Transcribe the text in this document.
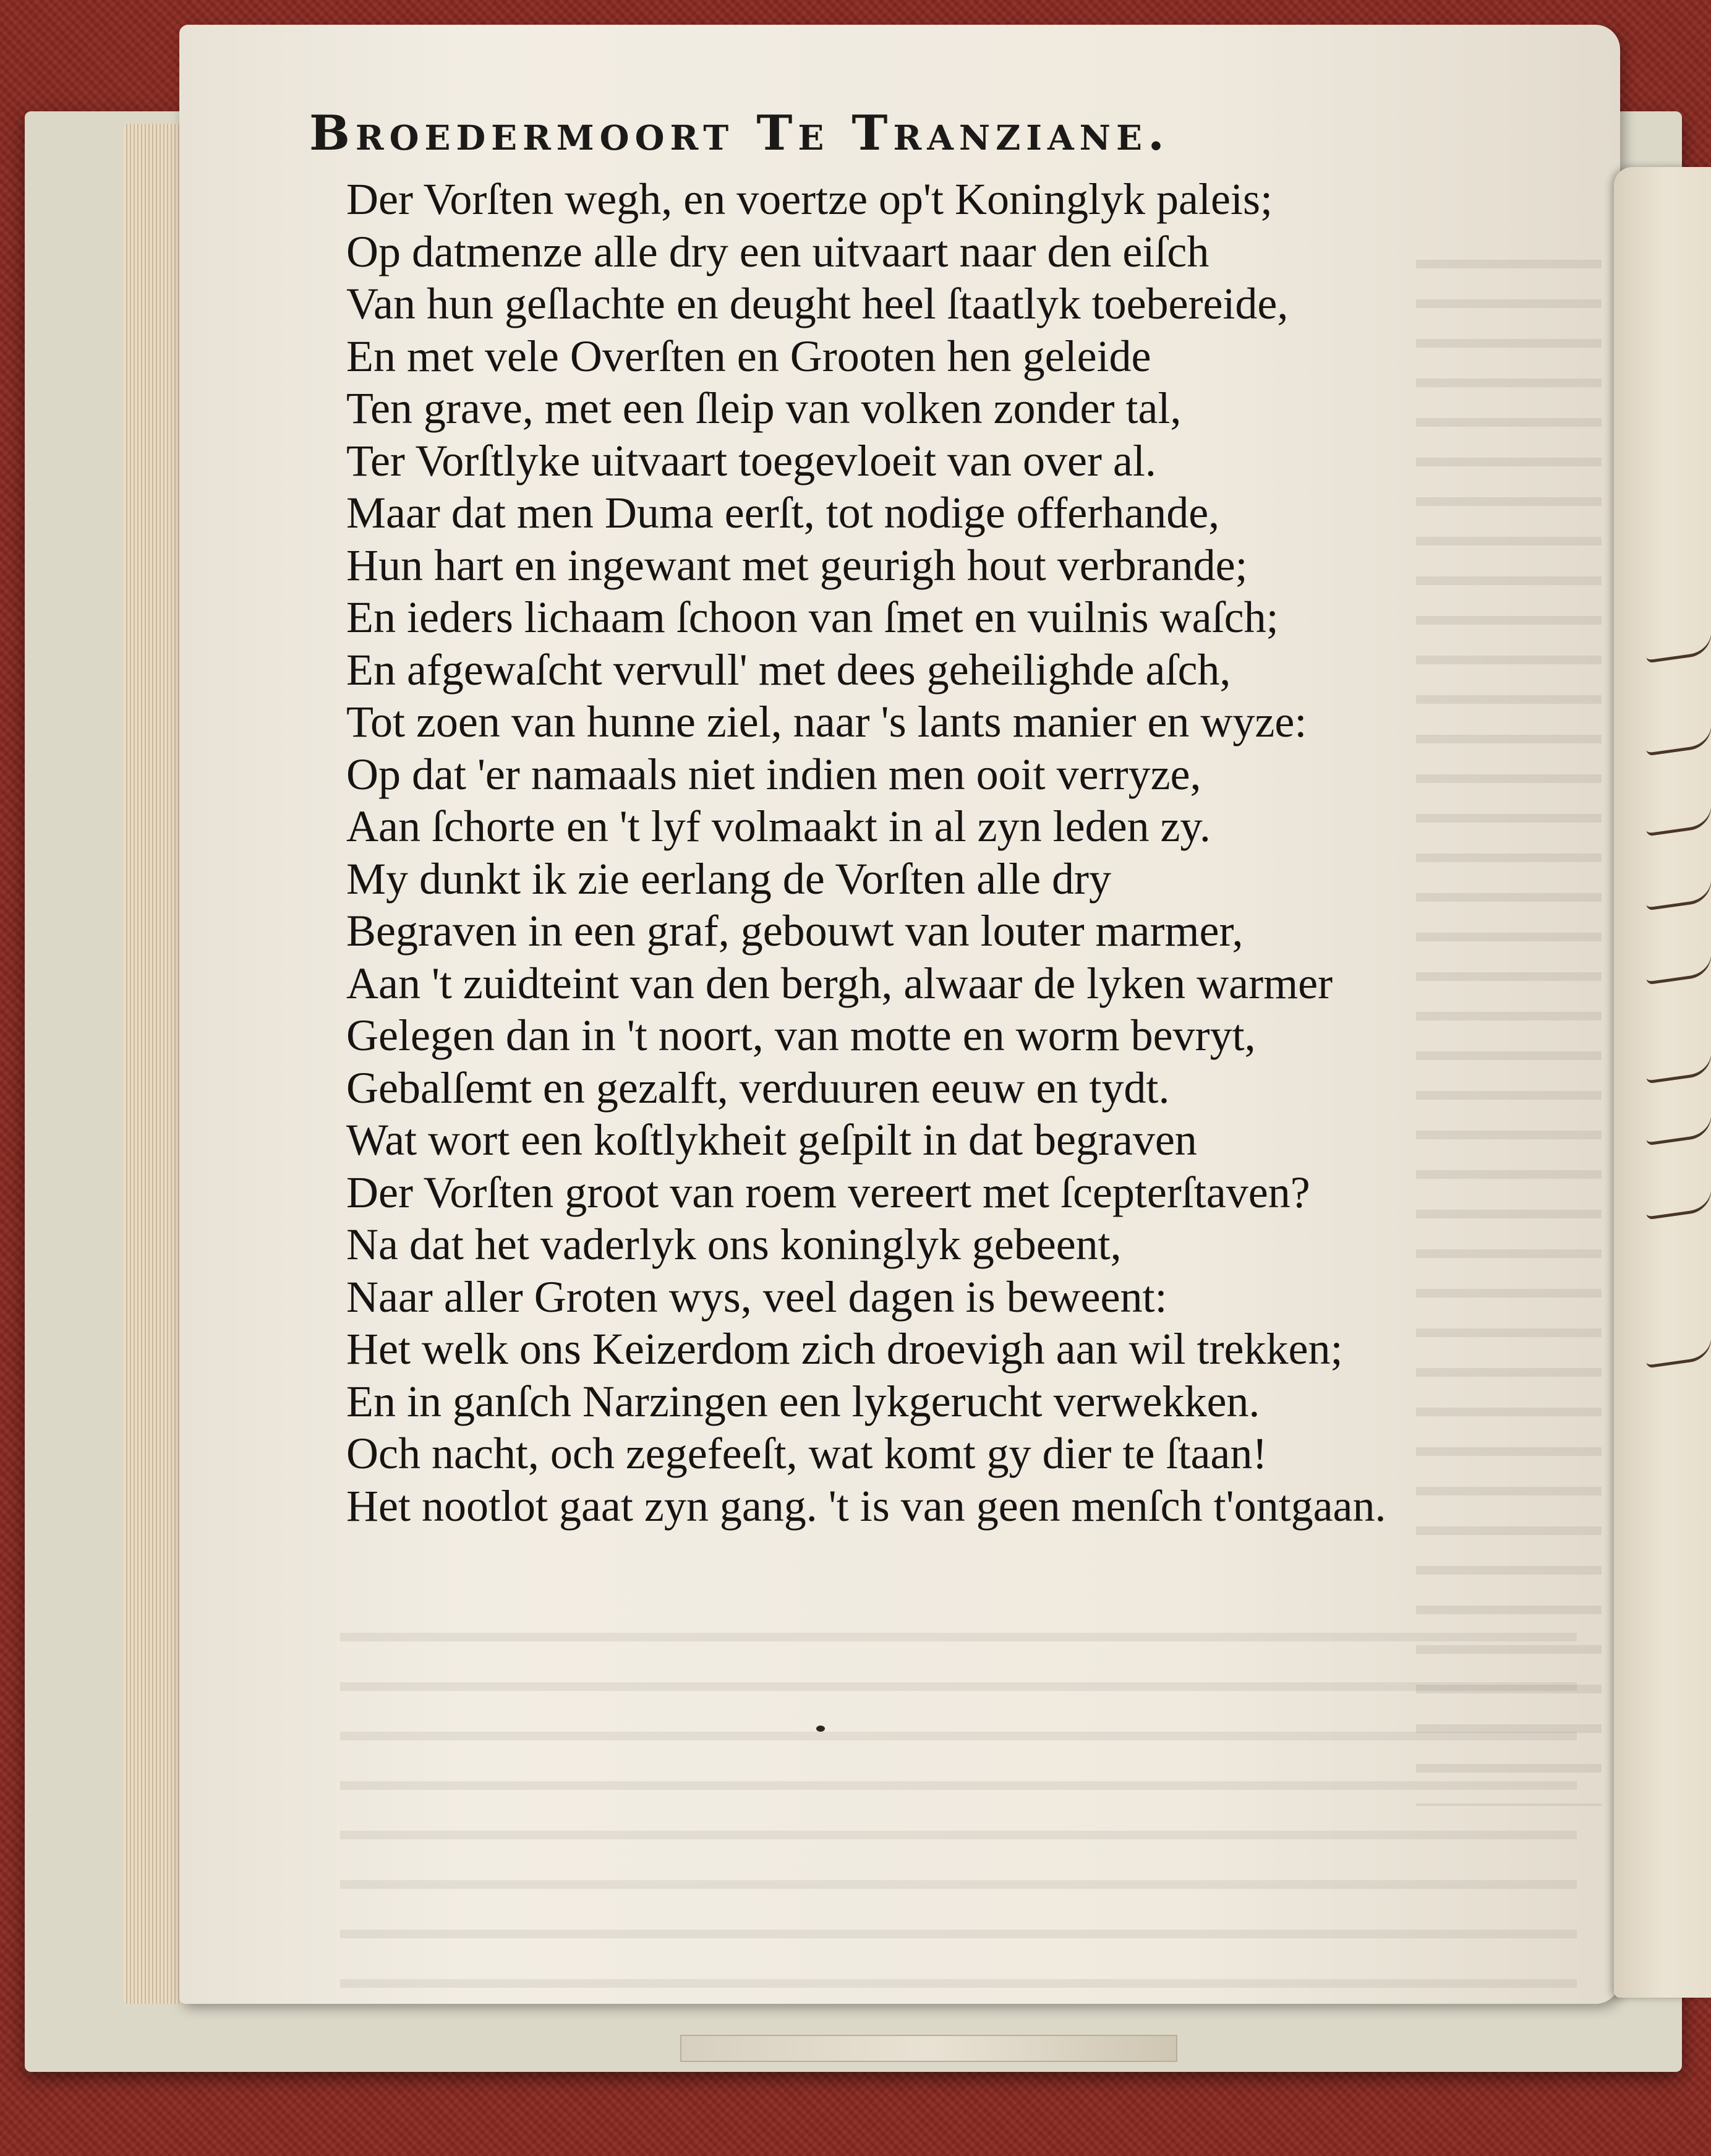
Broedermoort Te Tranziane.
Der Vorſten wegh, en voertze op't Koninglyk paleis;
Op datmenze alle dry een uitvaart naar den eiſch
Van hun geſlachte en deught heel ſtaatlyk toebereide,
En met vele Overſten en Grooten hen geleide
Ten grave, met een ſleip van volken zonder tal,
Ter Vorſtlyke uitvaart toegevloeit van over al.
Maar dat men Duma eerſt, tot nodige offerhande,
Hun hart en ingewant met geurigh hout verbrande;
En ieders lichaam ſchoon van ſmet en vuilnis waſch;
En afgewaſcht vervull' met dees geheilighde aſch,
Tot zoen van hunne ziel, naar 's lants manier en wyze:
Op dat 'er namaals niet indien men ooit verryze,
Aan ſchorte en 't lyf volmaakt in al zyn leden zy.
My dunkt ik zie eerlang de Vorſten alle dry
Begraven in een graf, gebouwt van louter marmer,
Aan 't zuidteint van den bergh, alwaar de lyken warmer
Gelegen dan in 't noort, van motte en worm bevryt,
Gebalſemt en gezalft, verduuren eeuw en tydt.
Wat wort een koſtlykheit geſpilt in dat begraven
Der Vorſten groot van roem vereert met ſcepterſtaven?
Na dat het vaderlyk ons koninglyk gebeent,
Naar aller Groten wys, veel dagen is beweent:
Het welk ons Keizerdom zich droevigh aan wil trekken;
En in ganſch Narzingen een lykgerucht verwekken.
Och nacht, och zegefeeſt, wat komt gy dier te ſtaan!
Het nootlot gaat zyn gang. 't is van geen menſch t'ontgaan.
